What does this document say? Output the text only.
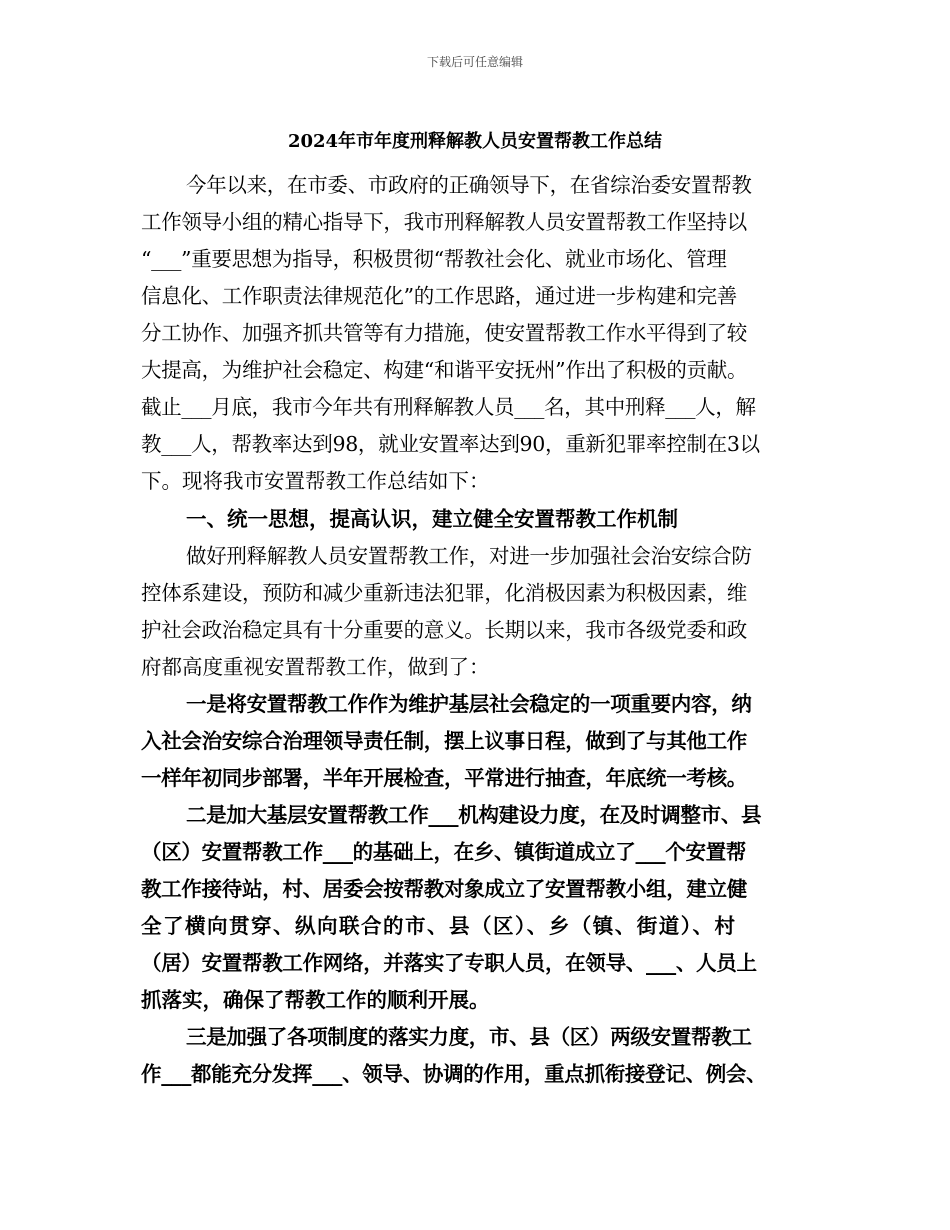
下载后可任意编辑
2024年市年度刑释解教人员安置帮教工作总结
今年以来，在市委、市政府的正确领导下，在省综治委安置帮教
工作领导小组的精心指导下，我市刑释解教人员安置帮教工作坚持以
“___”重要思想为指导，积极贯彻“帮教社会化、就业市场化、管理
信息化、工作职责法律规范化”的工作思路，通过进一步构建和完善
分工协作、加强齐抓共管等有力措施，使安置帮教工作水平得到了较
大提高，为维护社会稳定、构建“和谐平安抚州”作出了积极的贡献。
截止___月底，我市今年共有刑释解教人员___名，其中刑释___人，解
教___人，帮教率达到98，就业安置率达到90，重新犯罪率控制在3以
下。现将我市安置帮教工作总结如下：
一、统一思想，提高认识，建立健全安置帮教工作机制
做好刑释解教人员安置帮教工作，对进一步加强社会治安综合防
控体系建设，预防和减少重新违法犯罪，化消极因素为积极因素，维
护社会政治稳定具有十分重要的意义。长期以来，我市各级党委和政
府都高度重视安置帮教工作，做到了：
一是将安置帮教工作作为维护基层社会稳定的一项重要内容，纳
入社会治安综合治理领导责任制，摆上议事日程，做到了与其他工作
一样年初同步部署，半年开展检查，平常进行抽查，年底统一考核。
二是加大基层安置帮教工作___机构建设力度，在及时调整市、县
（区）安置帮教工作___的基础上，在乡、镇街道成立了___个安置帮
教工作接待站，村、居委会按帮教对象成立了安置帮教小组，建立健
全了横向贯穿、纵向联合的市、县（区）、乡（镇、街道）、村
（居）安置帮教工作网络，并落实了专职人员，在领导、___、人员上
抓落实，确保了帮教工作的顺利开展。
三是加强了各项制度的落实力度，市、县（区）两级安置帮教工
作___都能充分发挥___、领导、协调的作用，重点抓衔接登记、例会、
